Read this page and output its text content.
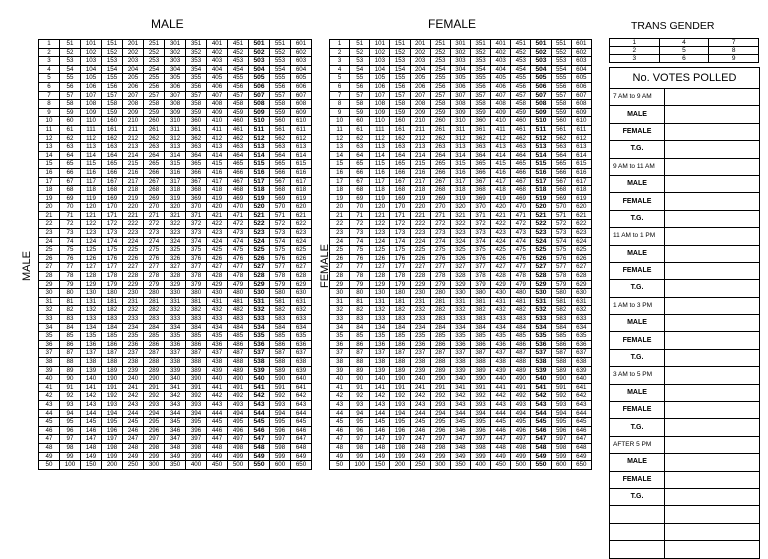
MALE	FEMALE
MALE	FEMALE
1	51	101	151	201	251	301	351	401	451	501	551	601
2	52	102	152	202	252	302	352	402	452	502	552	602
3	53	103	153	203	253	303	353	403	453	503	553	603
4	54	104	154	204	254	304	354	404	454	504	554	604
5	55	105	155	205	255	305	355	405	455	505	555	605
6	56	106	156	206	256	306	356	406	456	506	556	606
7	57	107	157	207	257	307	357	407	457	507	557	607
8	58	108	158	208	258	308	358	408	458	508	558	608
9	59	109	159	209	259	309	359	409	459	509	559	609
10	60	110	160	210	260	310	360	410	460	510	560	610
11	61	111	161	211	261	311	361	411	461	511	561	611
12	62	112	162	212	262	312	362	412	462	512	562	612
13	63	113	163	213	263	313	363	413	463	513	563	613
14	64	114	164	214	264	314	364	414	464	514	564	614
15	65	115	165	215	265	315	365	415	465	515	565	615
16	66	116	166	216	266	316	366	416	466	516	566	616
17	67	117	167	217	267	317	367	417	467	517	567	617
18	68	118	168	218	268	318	368	418	468	518	568	618
19	69	119	169	219	269	319	369	419	469	519	569	619
20	70	120	170	220	270	320	370	420	470	520	570	620
21	71	121	171	221	271	321	371	421	471	521	571	621
22	72	122	172	222	272	322	372	422	472	522	572	622
23	73	123	173	223	273	323	373	423	473	523	573	623
24	74	124	174	224	274	324	374	424	474	524	574	624
25	75	125	175	225	275	325	375	425	475	525	575	625
26	76	126	176	226	276	326	376	426	476	526	576	626
27	77	127	177	227	277	327	377	427	477	527	577	627
28	78	128	178	228	278	328	378	428	478	528	578	628
29	79	129	179	229	279	329	379	429	479	529	579	629
30	80	130	180	230	280	330	380	430	480	530	580	630
31	81	131	181	231	281	331	381	431	481	531	581	631
32	82	132	182	232	282	332	382	432	482	532	582	632
33	83	133	183	233	283	333	383	433	483	533	583	633
34	84	134	184	234	284	334	384	434	484	534	584	634
35	85	135	185	235	285	335	385	435	485	535	585	635
36	86	136	186	236	286	336	386	436	486	536	586	636
37	87	137	187	237	287	337	387	437	487	537	587	637
38	88	138	188	238	288	338	388	438	488	538	588	638
39	89	139	189	239	289	339	389	439	489	539	589	639
40	90	140	190	240	290	340	390	440	490	540	590	640
41	91	141	191	241	291	341	391	441	491	541	591	641
42	92	142	192	242	292	342	392	442	492	542	592	642
43	93	143	193	243	293	343	393	443	493	543	593	643
44	94	144	194	244	294	344	394	444	494	544	594	644
45	95	145	195	245	295	345	395	445	495	545	595	645
46	96	146	196	246	296	346	396	446	496	546	596	646
47	97	147	197	247	297	347	397	447	497	547	597	647
48	98	148	198	248	298	348	398	448	498	548	598	648
49	99	149	199	249	299	349	399	449	499	549	599	649
50	100	150	200	250	300	350	400	450	500	550	600	650
1	51	101	151	201	251	301	351	401	451	501	551	601
2	52	102	152	202	252	302	352	402	452	502	552	602
3	53	103	153	203	253	303	353	403	453	503	553	603
4	54	104	154	204	254	304	354	404	454	504	554	604
5	55	105	155	205	255	305	355	405	455	505	555	605
6	56	106	156	206	256	306	356	406	456	506	556	606
7	57	107	157	207	257	307	357	407	457	507	557	607
8	58	108	158	208	258	308	358	408	458	508	558	608
9	59	109	159	209	259	309	359	409	459	509	559	609
10	60	110	160	210	260	310	360	410	460	510	560	610
11	61	111	161	211	261	311	361	411	461	511	561	611
12	62	112	162	212	262	312	362	412	462	512	562	612
13	63	113	163	213	263	313	363	413	463	513	563	613
14	64	114	164	214	264	314	364	414	464	514	564	614
15	65	115	165	215	265	315	365	415	465	515	565	615
16	66	116	166	216	266	316	366	416	466	516	566	616
17	67	117	167	217	267	317	367	417	467	517	567	617
18	68	118	168	218	268	318	368	418	468	518	568	618
19	69	119	169	219	269	319	369	419	469	519	569	619
20	70	120	170	220	270	320	370	420	470	520	570	620
21	71	121	171	221	271	321	371	421	471	521	571	621
22	72	122	172	222	272	322	372	422	472	522	572	622
23	73	123	173	223	273	323	373	423	473	523	573	623
24	74	124	174	224	274	324	374	424	474	524	574	624
25	75	125	175	225	275	325	375	425	475	525	575	625
26	76	126	176	226	276	326	376	426	476	526	576	626
27	77	127	177	227	277	327	377	427	477	527	577	627
28	78	128	178	228	278	328	378	428	478	528	578	628
29	79	129	179	229	279	329	379	429	479	529	579	629
30	80	130	180	230	280	330	380	430	480	530	580	630
31	81	131	181	231	281	331	381	431	481	531	581	631
32	82	132	182	232	282	332	382	432	482	532	582	632
33	83	133	183	233	283	333	383	433	483	533	583	633
34	84	134	184	234	284	334	384	434	484	534	584	634
35	85	135	185	235	285	335	385	435	485	535	585	635
36	86	136	186	236	286	336	386	436	486	536	586	636
37	87	137	187	237	287	337	387	437	487	537	587	637
38	88	138	188	238	288	338	388	438	488	538	588	638
39	89	139	189	239	289	339	389	439	489	539	589	639
40	90	140	190	240	290	340	390	440	490	540	590	640
41	91	141	191	241	291	341	391	441	491	541	591	641
42	92	142	192	242	292	342	392	442	492	542	592	642
43	93	143	193	243	293	343	393	443	493	543	593	643
44	94	144	194	244	294	344	394	444	494	544	594	644
45	95	145	195	245	295	345	395	445	495	545	595	645
46	96	146	196	246	296	346	396	446	496	546	596	646
47	97	147	197	247	297	347	397	447	497	547	597	647
48	98	148	198	248	298	348	398	448	498	548	598	648
49	99	149	199	249	299	349	399	449	499	549	599	649
50	100	150	200	250	300	350	400	450	500	550	600	650
TRANS GENDER
1	4	7
2	5	8
3	6	9
No. VOTES POLLED	
7 AM to 9 AM	
MALE	
FEMALE	
T.G.	
9 AM to 11 AM	
MALE	
FEMALE	
T.G.	
11 AM to 1 PM	
MALE	
FEMALE	
T.G.	
1 AM to 3 PM	
MALE	
FEMALE	
T.G.	
3 AM to 5 PM	
MALE	
FEMALE	
T.G.	
AFTER 5 PM	
MALE	
FEMALE	
T.G.	
